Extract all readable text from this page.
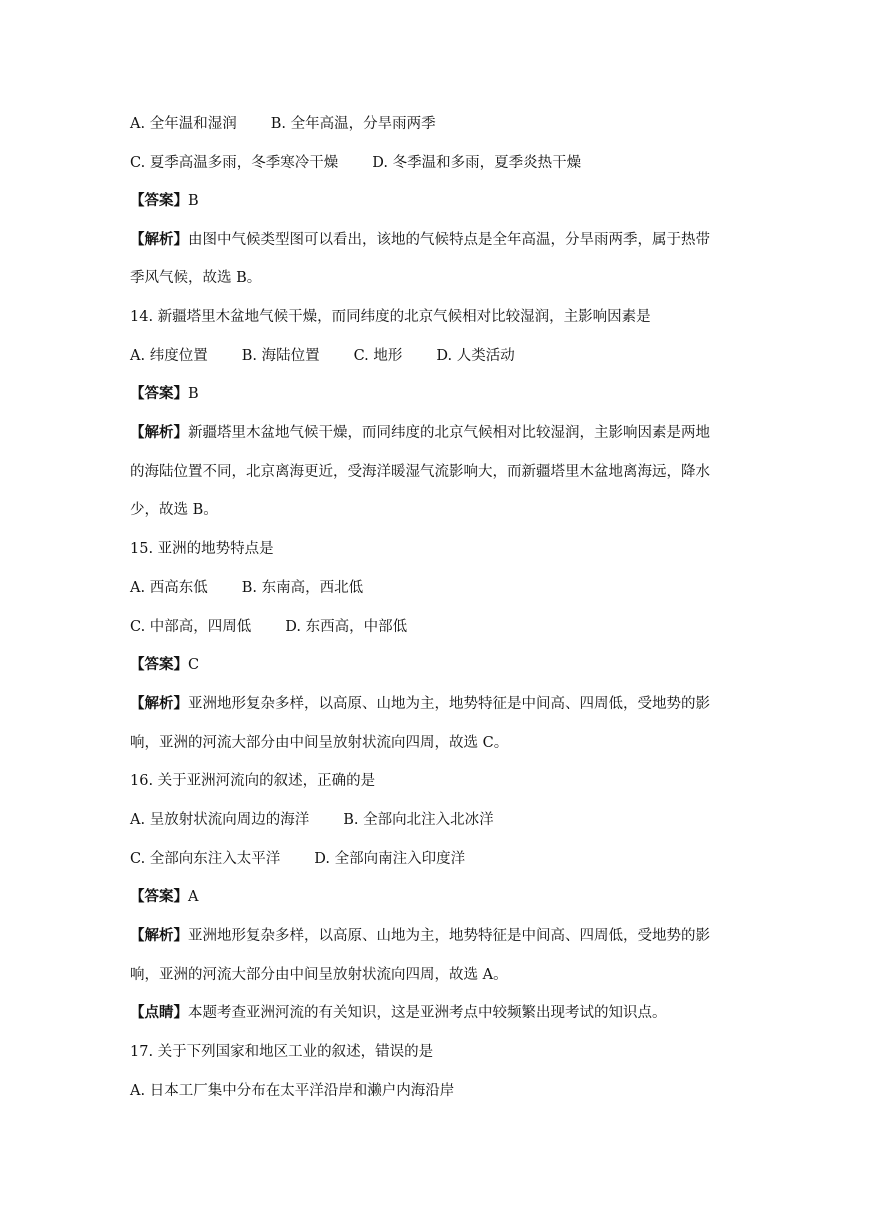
A. 全年温和湿润 B. 全年高温，分旱雨两季
C. 夏季高温多雨，冬季寒冷干燥 D. 冬季温和多雨，夏季炎热干燥
【答案】B
【解析】由图中气候类型图可以看出，该地的气候特点是全年高温，分旱雨两季，属于热带
季风气候，故选 B。
14. 新疆塔里木盆地气候干燥，而同纬度的北京气候相对比较湿润，主影响因素是
A. 纬度位置 B. 海陆位置 C. 地形 D. 人类活动
【答案】B
【解析】新疆塔里木盆地气候干燥，而同纬度的北京气候相对比较湿润，主影响因素是两地
的海陆位置不同，北京离海更近，受海洋暖湿气流影响大，而新疆塔里木盆地离海远，降水
少，故选 B。
15. 亚洲的地势特点是
A. 西高东低 B. 东南高，西北低
C. 中部高，四周低 D. 东西高，中部低
【答案】C
【解析】亚洲地形复杂多样，以高原、山地为主，地势特征是中间高、四周低，受地势的影
响，亚洲的河流大部分由中间呈放射状流向四周，故选 C。
16. 关于亚洲河流向的叙述，正确的是
A. 呈放射状流向周边的海洋 B. 全部向北注入北冰洋
C. 全部向东注入太平洋 D. 全部向南注入印度洋
【答案】A
【解析】亚洲地形复杂多样，以高原、山地为主，地势特征是中间高、四周低，受地势的影
响，亚洲的河流大部分由中间呈放射状流向四周，故选 A。
【点睛】本题考查亚洲河流的有关知识，这是亚洲考点中较频繁出现考试的知识点。
17. 关于下列国家和地区工业的叙述，错误的是
A. 日本工厂集中分布在太平洋沿岸和濑户内海沿岸
